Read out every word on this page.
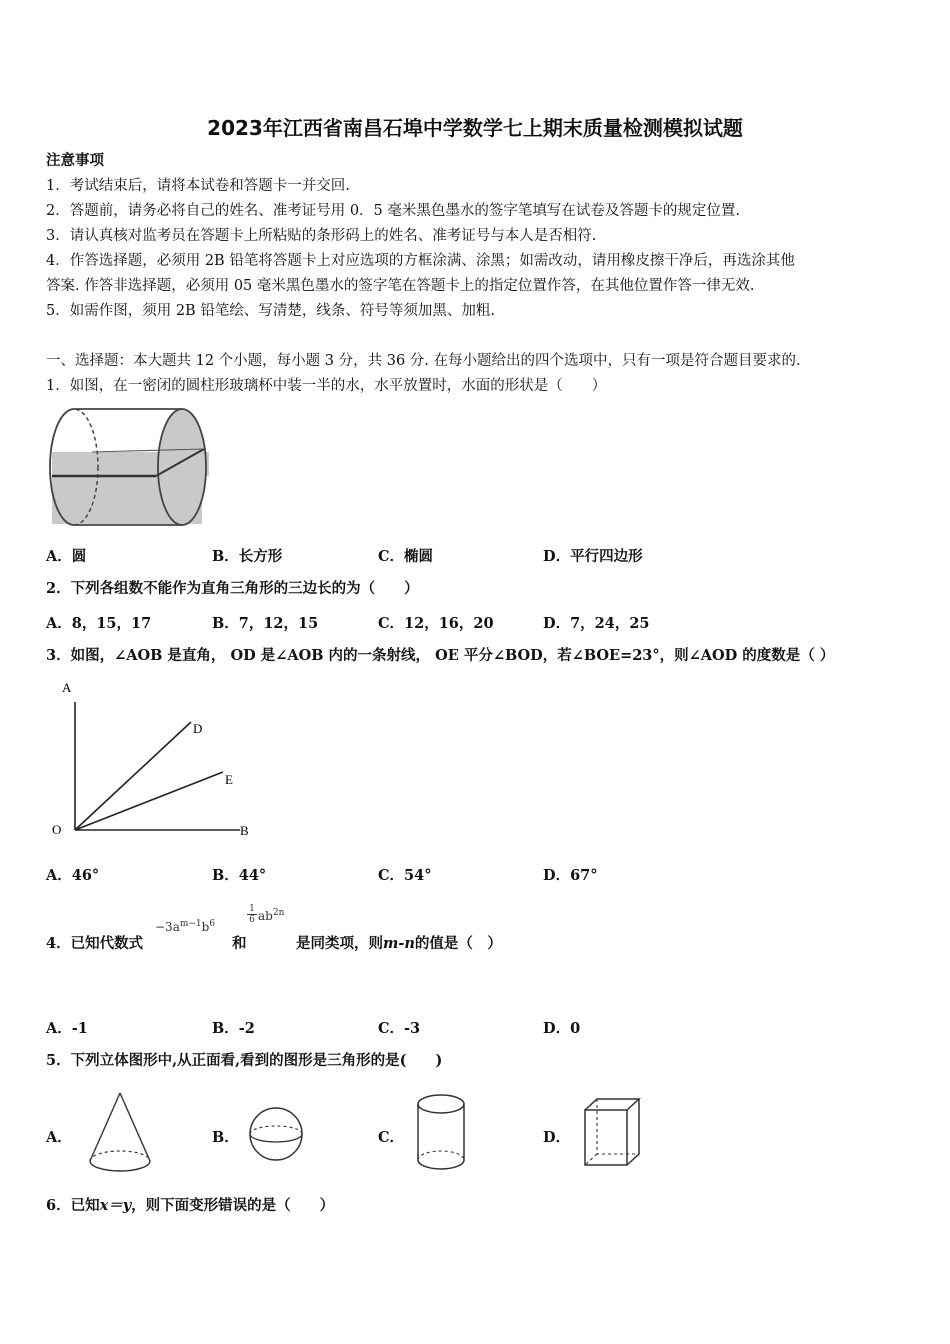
2023年江西省南昌石埠中学数学七上期末质量检测模拟试题
注意事项
1．考试结束后，请将本试卷和答题卡一并交回.
2．答题前，请务必将自己的姓名、准考证号用 0．5 毫米黑色墨水的签字笔填写在试卷及答题卡的规定位置.
3．请认真核对监考员在答题卡上所粘贴的条形码上的姓名、准考证号与本人是否相符.
4．作答选择题，必须用 2B 铅笔将答题卡上对应选项的方框涂满、涂黑；如需改动，请用橡皮擦干净后，再选涂其他
答案. 作答非选择题，必须用 05 毫米黑色墨水的签字笔在答题卡上的指定位置作答，在其他位置作答一律无效.
5．如需作图，须用 2B 铅笔绘、写清楚，线条、符号等须加黑、加粗.
一、选择题：本大题共 12 个小题，每小题 3 分，共 36 分. 在每小题给出的四个选项中，只有一项是符合题目要求的.
1．如图，在一密闭的圆柱形玻璃杯中装一半的水，水平放置时，水面的形状是（　　）
A．圆	B．长方形	C．椭圆	D．平行四边形
2．下列各组数不能作为直角三角形的三边长的为（　　）
A．8，15，17	B．7，12，15	C．12，16，20	D．7，24，25
3．如图，∠AOB 是直角， OD 是∠AOB 内的一条射线， OE 平分∠BOD，若∠BOE=23°，则∠AOD 的度数是（ ）
A
O	B
D
E
A．46°	B．44°	C．54°	D．67°
4．已知代数式
$-3a^{m-1}b^6$
和
1
6 $ab^{2n}$
是同类项，则m-n的值是（　）
A．-1	B．-2	C．-3	D．0
5．下列立体图形中,从正面看,看到的图形是三角形的是(　　)
A．	B．	C．	D．
6．已知x＝y，则下面变形错误的是（　　）
